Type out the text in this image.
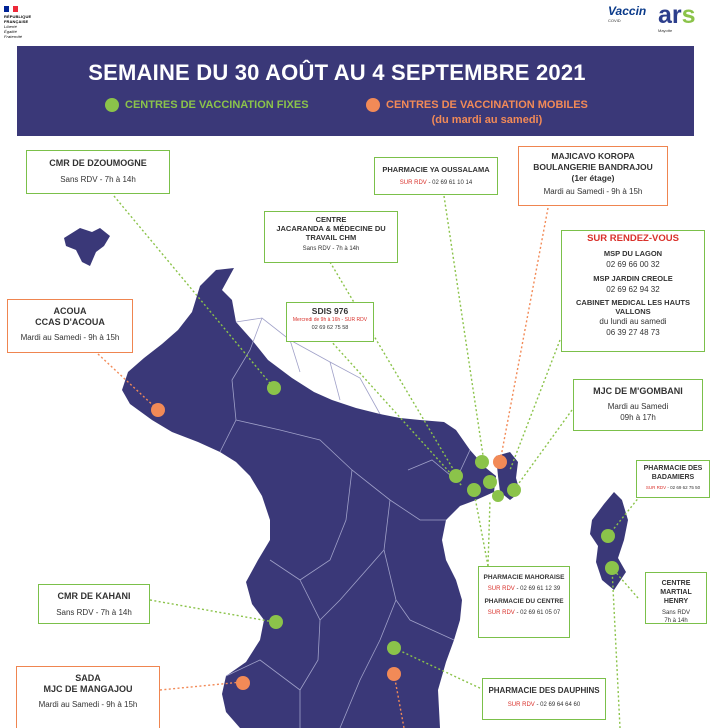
RÉPUBLIQUE
FRANÇAISE
Liberté
Égalité
Fraternité
Vaccin
COVID	ars
Mayotte
SEMAINE DU 30 AOÛT AU 4 SEPTEMBRE 2021
CENTRES DE VACCINATION FIXES	CENTRES DE VACCINATION MOBILES
(du mardi au samedi)
CMR DE DZOUMOGNE
Sans RDV - 7h à 14h
ACOUA
CCAS D'ACOUA
Mardi au Samedi - 9h à 15h
CENTRE
JACARANDA & MÉDECINE DU
TRAVAIL CHM
Sans RDV - 7h à 14h
SDIS 976
Mercredi de 9h à 16h - SUR RDV
02 69 62 75 58
PHARMACIE YA OUSSALAMA
SUR RDV - 02 69 61 10 14
MAJICAVO KOROPA
BOULANGERIE BANDRAJOU
(1er étage)
Mardi au Samedi - 9h à 15h
SUR RENDEZ-VOUS
MSP DU LAGON
02 69 66 00 32
MSP JARDIN CREOLE
02 69 62 94 32
CABINET MEDICAL LES HAUTS
VALLONS
du lundi au samedi
06 39 27 48 73
MJC DE M'GOMBANI
Mardi au Samedi
09h à 17h
PHARMACIE DES
BADAMIERS
SUR RDV - 02 69 62 75 50
CENTRE
MARTIAL HENRY
Sans RDV
7h à 14h
PHARMACIE MAHORAISE
SUR RDV - 02 69 61 12 39
PHARMACIE DU CENTRE
SUR RDV - 02 69 61 05 07
CMR DE KAHANI
Sans RDV - 7h à 14h
PHARMACIE DES DAUPHINS
SUR RDV - 02 69 64 64 60
SADA
MJC DE MANGAJOU
Mardi au Samedi - 9h à 15h
